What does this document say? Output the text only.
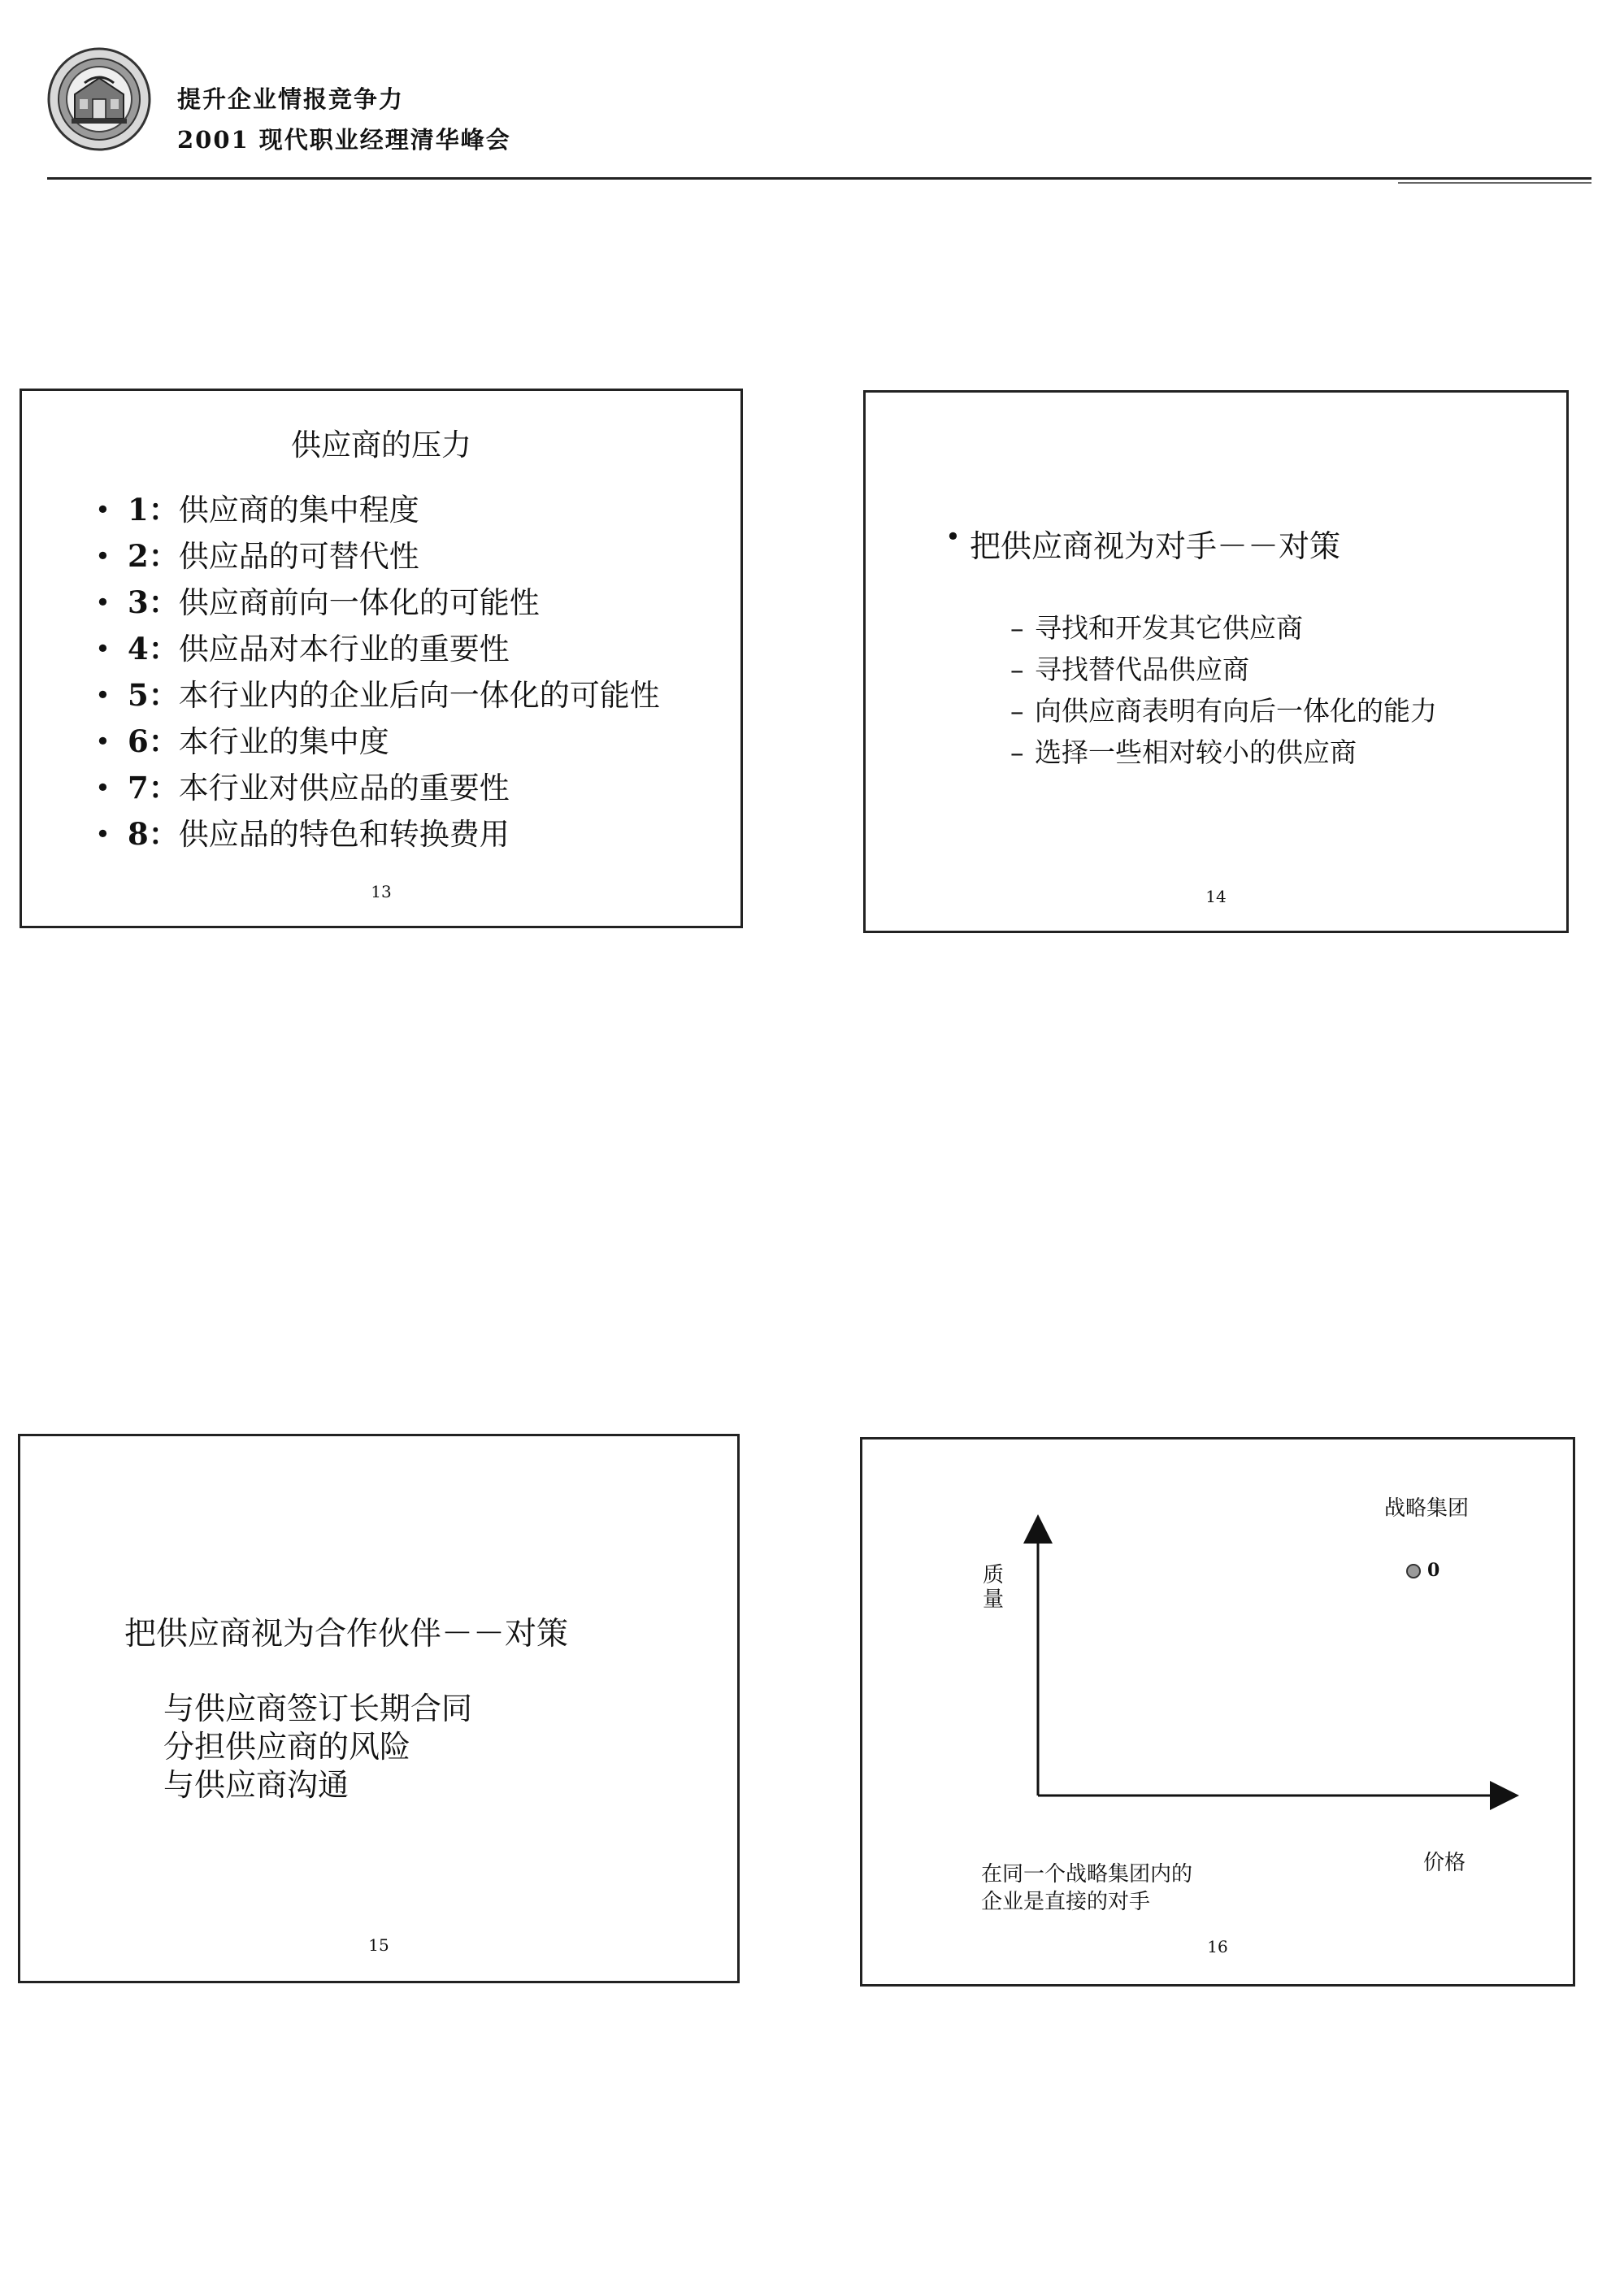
提升企业情报竞争力
2001 现代职业经理清华峰会
供应商的压力
• 1：供应商的集中程度
• 2：供应品的可替代性
• 3：供应商前向一体化的可能性
• 4：供应品对本行业的重要性
• 5：本行业内的企业后向一体化的可能性
• 6：本行业的集中度
• 7：本行业对供应品的重要性
• 8：供应品的特色和转换费用
13
• 把供应商视为对手－－对策
– 寻找和开发其它供应商
– 寻找替代品供应商
– 向供应商表明有向后一体化的能力
– 选择一些相对较小的供应商
14
把供应商视为合作伙伴－－对策
与供应商签订长期合同
分担供应商的风险
与供应商沟通
15
战略集团
0
质
量
价格
在同一个战略集团内的
企业是直接的对手
16
